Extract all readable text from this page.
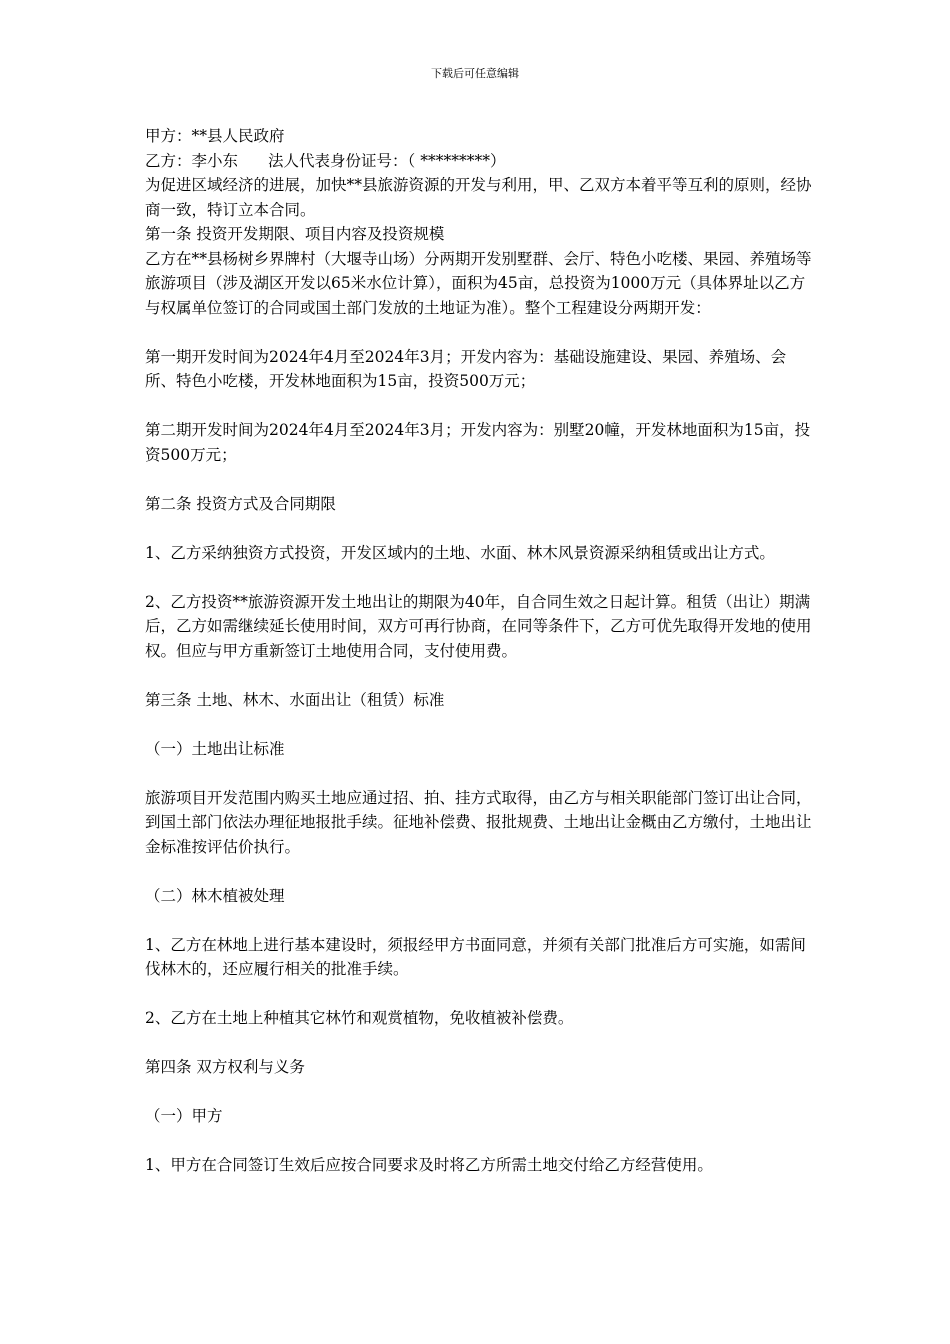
下载后可任意编辑

甲方：**县人民政府

乙方：李小东 法人代表身份证号：（ *********）

为促进区域经济的进展，加快**县旅游资源的开发与利用，甲、乙双方本着平等互利的原则，经协商一致，特订立本合同。

第一条 投资开发期限、项目内容及投资规模

乙方在**县杨树乡界牌村（大堰寺山场）分两期开发别墅群、会厅、特色小吃楼、果园、养殖场等旅游项目（涉及湖区开发以65米水位计算），面积为45亩，总投资为1000万元（具体界址以乙方与权属单位签订的合同或国土部门发放的土地证为准）。整个工程建设分两期开发：

第一期开发时间为2024年4月至2024年3月；开发内容为：基础设施建设、果园、养殖场、会所、特色小吃楼，开发林地面积为15亩，投资500万元；

第二期开发时间为2024年4月至2024年3月；开发内容为：别墅20幢，开发林地面积为15亩，投资500万元；

第二条 投资方式及合同期限

1、乙方采纳独资方式投资，开发区域内的土地、水面、林木风景资源采纳租赁或出让方式。

2、乙方投资**旅游资源开发土地出让的期限为40年，自合同生效之日起计算。租赁（出让）期满后，乙方如需继续延长使用时间，双方可再行协商，在同等条件下，乙方可优先取得开发地的使用权。但应与甲方重新签订土地使用合同，支付使用费。

第三条 土地、林木、水面出让（租赁）标准

（一）土地出让标准

旅游项目开发范围内购买土地应通过招、拍、挂方式取得，由乙方与相关职能部门签订出让合同，到国土部门依法办理征地报批手续。征地补偿费、报批规费、土地出让金概由乙方缴付，土地出让金标准按评估价执行。

（二）林木植被处理

1、乙方在林地上进行基本建设时，须报经甲方书面同意，并须有关部门批准后方可实施，如需间伐林木的，还应履行相关的批准手续。

2、乙方在土地上种植其它林竹和观赏植物，免收植被补偿费。

第四条 双方权利与义务

（一）甲方

1、甲方在合同签订生效后应按合同要求及时将乙方所需土地交付给乙方经营使用。
